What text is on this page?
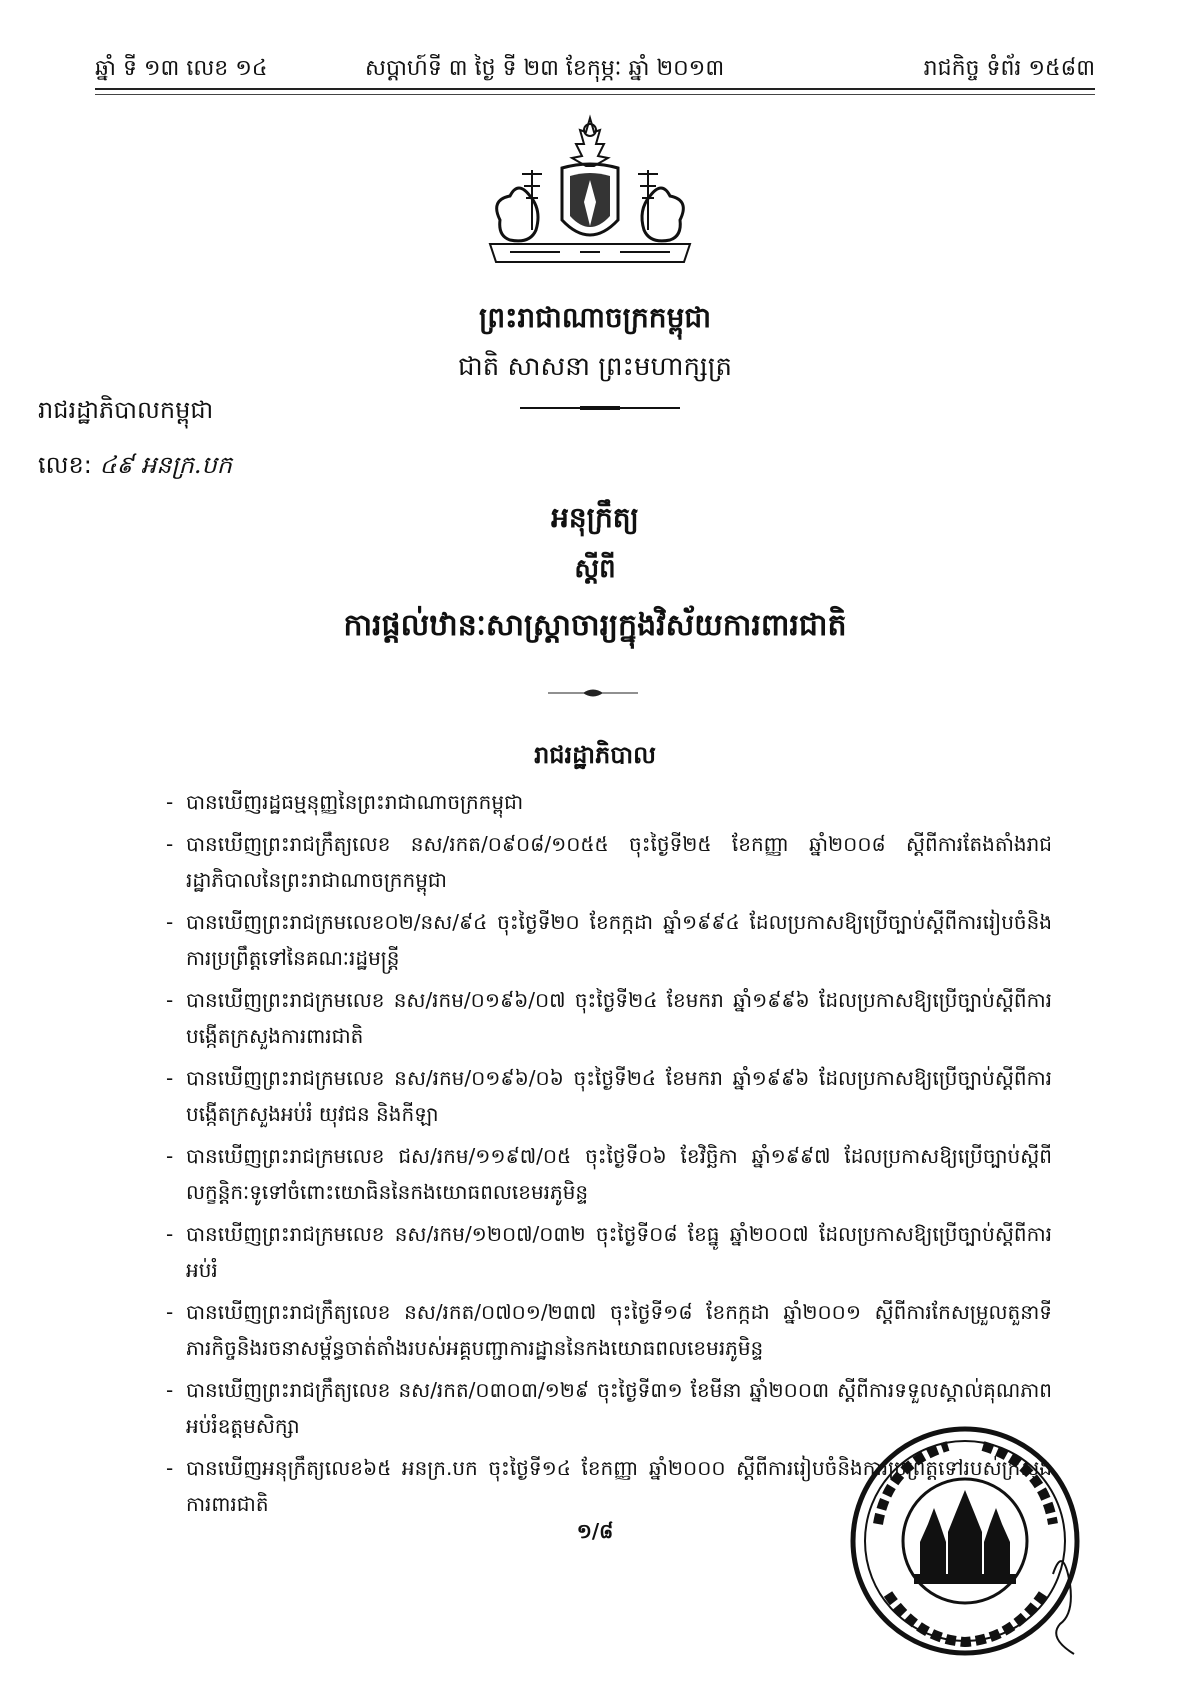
ឆ្នាំ ទី ១៣ លេខ ១៤	សប្តាហ៍ទី ៣ ថ្ងៃ ទី ២៣ ខែកុម្ភៈ ឆ្នាំ ២០១៣	រាជកិច្ច ទំព័រ ១៥៨៣
ព្រះរាជាណាចក្រកម្ពុជា
ជាតិ សាសនា ព្រះមហាក្សត្រ
រាជរដ្ឋាភិបាលកម្ពុជា
លេខ: ៤៩ អនក្រ.បក
អនុក្រឹត្យ
ស្តីពី
ការផ្តល់ឋានៈសាស្ត្រាចារ្យក្នុងវិស័យការពារជាតិ
រាជរដ្ឋាភិបាល
- បានឃើញរដ្ឋធម្មនុញ្ញនៃព្រះរាជាណាចក្រកម្ពុជា
- បានឃើញព្រះរាជក្រឹត្យលេខ នស/រកត/០៩០៨/១០៥៥ ចុះថ្ងៃទី២៥ ខែកញ្ញា ឆ្នាំ២០០៨ ស្តីពីការតែងតាំងរាជរដ្ឋាភិបាលនៃព្រះរាជាណាចក្រកម្ពុជា
- បានឃើញព្រះរាជក្រមលេខ០២/នស/៩៤ ចុះថ្ងៃទី២០ ខែកក្កដា ឆ្នាំ១៩៩៤ ដែលប្រកាសឱ្យប្រើច្បាប់ស្តីពីការរៀបចំនិងការប្រព្រឹត្តទៅនៃគណៈរដ្ឋមន្ត្រី
- បានឃើញព្រះរាជក្រមលេខ នស/រកម/០១៩៦/០៧ ចុះថ្ងៃទី២៤ ខែមករា ឆ្នាំ១៩៩៦ ដែលប្រកាសឱ្យប្រើច្បាប់ស្តីពីការបង្កើតក្រសួងការពារជាតិ
- បានឃើញព្រះរាជក្រមលេខ នស/រកម/០១៩៦/០៦ ចុះថ្ងៃទី២៤ ខែមករា ឆ្នាំ១៩៩៦ ដែលប្រកាសឱ្យប្រើច្បាប់ស្តីពីការបង្កើតក្រសួងអប់រំ យុវជន និងកីឡា
- បានឃើញព្រះរាជក្រមលេខ ជស/រកម/១១៩៧/០៥ ចុះថ្ងៃទី០៦ ខែវិច្ឆិកា ឆ្នាំ១៩៩៧ ដែលប្រកាសឱ្យប្រើច្បាប់ស្តីពីលក្ខន្តិកៈទូទៅចំពោះយោធិននៃកងយោធពលខេមរភូមិន្ទ
- បានឃើញព្រះរាជក្រមលេខ នស/រកម/១២០៧/០៣២ ចុះថ្ងៃទី០៨ ខែធ្នូ ឆ្នាំ២០០៧ ដែលប្រកាសឱ្យប្រើច្បាប់ស្តីពីការអប់រំ
- បានឃើញព្រះរាជក្រឹត្យលេខ នស/រកត/០៧០១/២៣៧ ចុះថ្ងៃទី១៨ ខែកក្កដា ឆ្នាំ២០០១ ស្តីពីការកែសម្រួលតួនាទីភារកិច្ចនិងរចនាសម្ព័ន្ធចាត់តាំងរបស់អគ្គបញ្ជាការដ្ឋាននៃកងយោធពលខេមរភូមិន្ទ
- បានឃើញព្រះរាជក្រឹត្យលេខ នស/រកត/០៣០៣/១២៩ ចុះថ្ងៃទី៣១ ខែមីនា ឆ្នាំ២០០៣ ស្តីពីការទទួលស្គាល់គុណភាពអប់រំឧត្តមសិក្សា
- បានឃើញអនុក្រឹត្យលេខ៦៥ អនក្រ.បក ចុះថ្ងៃទី១៤ ខែកញ្ញា ឆ្នាំ២០០០ ស្តីពីការរៀបចំនិងការប្រព្រឹត្តទៅរបស់ក្រសួងការពារជាតិ
១/៨
